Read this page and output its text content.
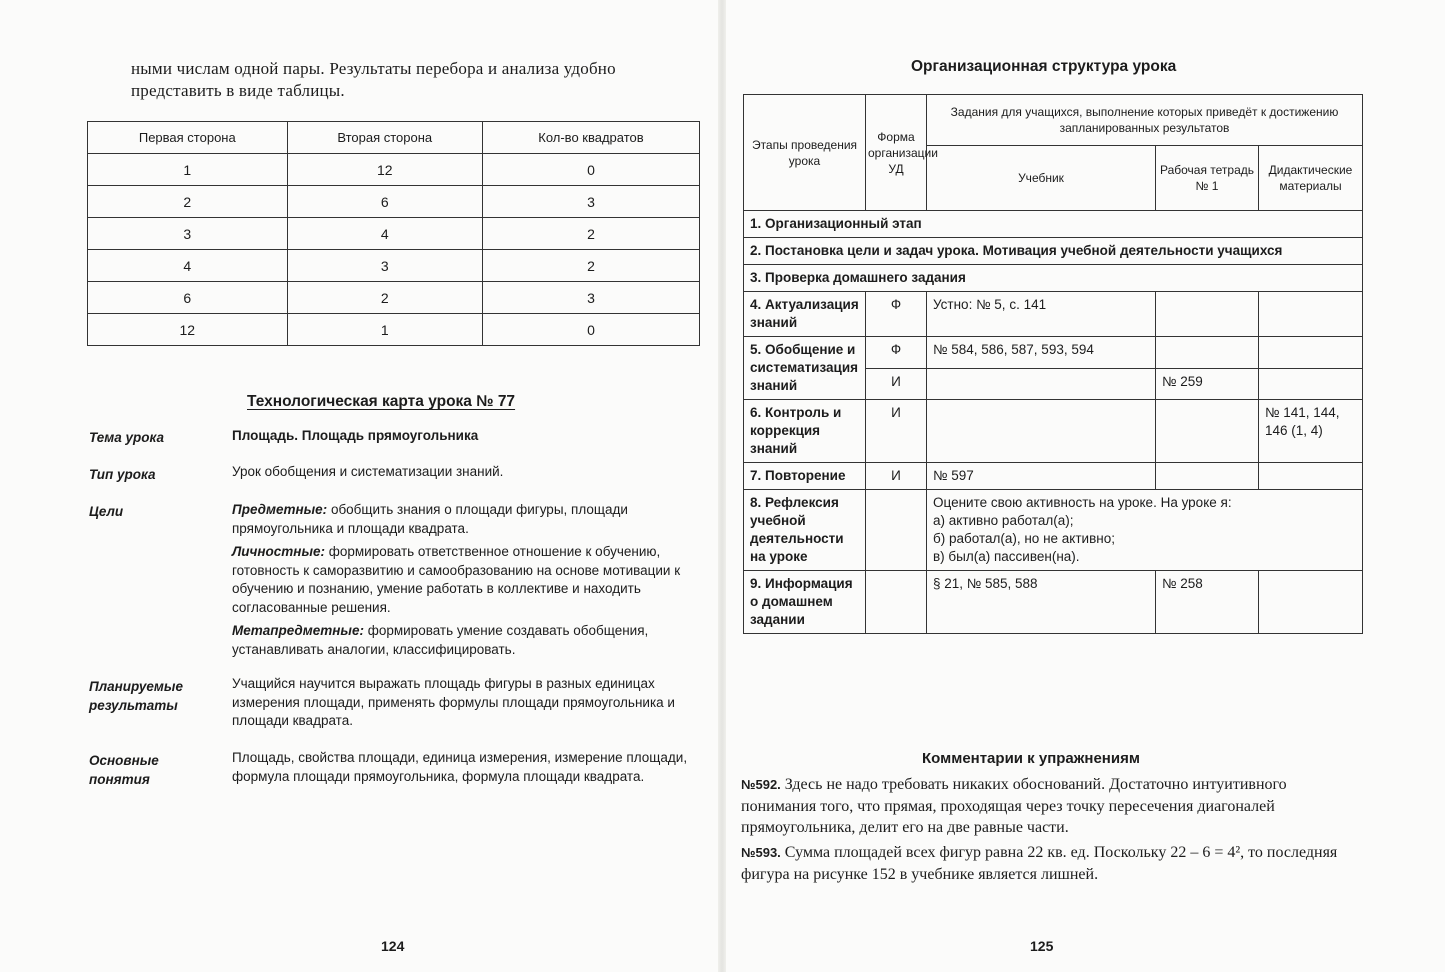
ными числам одной пары. Результаты перебора и анализа удобно представить в виде таблицы.
Первая сторона	Вторая сторона	Кол-во квадратов
1	12	0
2	6	3
3	4	2
4	3	2
6	2	3
12	1	0
Технологическая карта урока № 77
Тема урока	Площадь. Площадь прямоугольника
Тип урока	Урок обобщения и систематизации знаний.
Цели	Предметные: обобщить знания о площади фигуры, площади прямоугольника и площади квадрата.

Личностные: формировать ответственное отношение к обучению, готовность к саморазвитию и самообразованию на основе мотивации к обучению и познанию, умение работать в коллективе и находить согласованные решения.

Метапредметные: формировать умение создавать обобщения, устанавливать аналогии, классифицировать.

Планируемые
результаты
Учащийся научится выражать площадь фигуры в разных единицах измерения площади, применять формулы площади прямоугольника и площади квадрата.
Основные
понятия
Площадь, свойства площади, единица измерения, измерение площади, формула площади прямоугольника, формула площади квадрата.
124
Организационная структура урока
Этапы проведения урока	Форма организации УД	Задания для учащихся, выполнение которых приведёт к достижению запланированных результатов		
		Учебник	Рабочая тетрадь № 1	Дидактические материалы
1. Организационный этап				
2. Постановка цели и задач урока. Мотивация учебной деятельности учащихся				
3. Проверка домашнего задания				
4. Актуализация знаний	Ф	Устно: № 5, с. 141		
5. Обобщение и систематизация знаний	Ф	№ 584, 586, 587, 593, 594		
	И		№ 259	
6. Контроль и коррекция знаний	И			№ 141, 144, 146 (1, 4)
7. Повторение	И	№ 597		
8. Рефлексия учебной деятельности на уроке		Оцените свою активность на уроке. На уроке я:
а) активно работал(а);
б) работал(а), но не активно;
в) был(а) пассивен(на).		

9. Информация о домашнем задании		§ 21, № 585, 588	№ 258	
Комментарии к упражнениям
№592. Здесь не надо требовать никаких обоснований. Достаточно интуитивного понимания того, что прямая, проходящая через точку пересечения диагоналей прямоугольника, делит его на две равные части.
№593. Сумма площадей всех фигур равна 22 кв. ед. Поскольку 22 – 6 = 4², то последняя фигура на рисунке 152 в учебнике является лишней.
125
